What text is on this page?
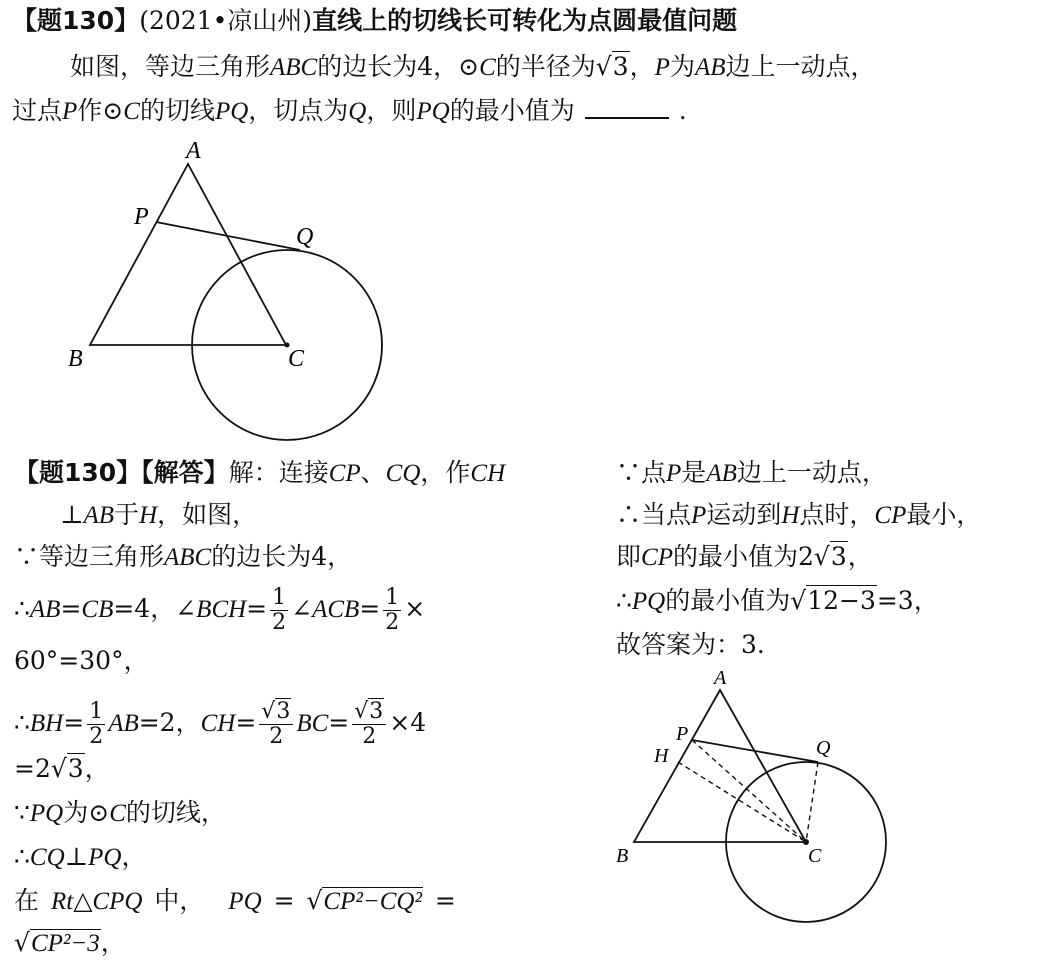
【题130】(2021•凉山州)直线上的切线长可转化为点圆最值问题
如图，等边三角形ABC的边长为4，⊙C的半径为√3，P为AB边上一动点，
过点P作⊙C的切线PQ，切点为Q，则PQ的最小值为	.
A
P
Q
B	C
【题130】【解答】解：连接CP、CQ，作CH
⊥AB于H，如图，
∵等边三角形ABC的边长为4，
∴AB=CB=4，∠BCH= $\frac{1}{2}$ ∠ACB= $\frac{1}{2}$ ×
60°=30°，
∴BH= $\frac{1}{2} AB=2$，$CH= \frac{√3}{2} BC= \frac{√3}{2} \times 4$
=2√3，
∵PQ为⊙C的切线，
∴CQ⊥PQ，
在 Rt△CPQ 中， PQ = √CP²−CQ² =
√CP²−3，
∵点P是AB边上一动点，
∴当点P运动到H点时，CP最小，
即CP的最小值为2√3，
∴PQ的最小值为√12−3=3，
故答案为：3.
A
P
H	Q
B	C
